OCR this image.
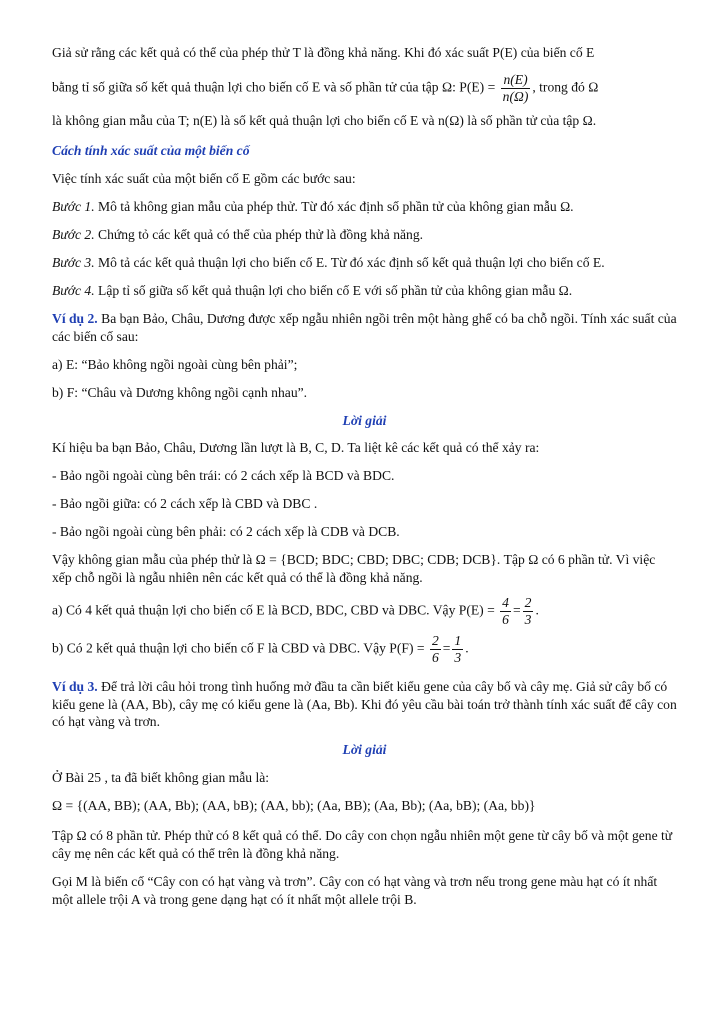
Giả sử rằng các kết quả có thể của phép thử T là đồng khả năng. Khi đó xác suất P(E) của biến cố E

bằng tỉ số giữa số kết quả thuận lợi cho biến cố E và số phần tử của tập Ω: $P(E) = \frac{n(E)}{n(\Omega)}$ , trong đó Ω

là không gian mẫu của T; n(E) là số kết quả thuận lợi cho biến cố E và n(Ω) là số phần tử của tập Ω.

Cách tính xác suất của một biến cố

Việc tính xác suất của một biến cố E gồm các bước sau:

Bước 1. Mô tả không gian mẫu của phép thử. Từ đó xác định số phần tử của không gian mẫu Ω.

Bước 2. Chứng tỏ các kết quả có thể của phép thử là đồng khả năng.

Bước 3. Mô tả các kết quả thuận lợi cho biến cố E. Từ đó xác định số kết quả thuận lợi cho biến cố E.

Bước 4. Lập tỉ số giữa số kết quả thuận lợi cho biến cố E với số phần tử của không gian mẫu Ω.

Ví dụ 2. Ba bạn Bảo, Châu, Dương được xếp ngẫu nhiên ngồi trên một hàng ghế có ba chỗ ngồi. Tính xác suất của các biến cố sau:

a) E: “Bảo không ngồi ngoài cùng bên phải”;

b) F: “Châu và Dương không ngồi cạnh nhau”.

Lời giải

Kí hiệu ba bạn Bảo, Châu, Dương lần lượt là B, C, D. Ta liệt kê các kết quả có thể xảy ra:

- Bảo ngồi ngoài cùng bên trái: có 2 cách xếp là BCD và BDC.

- Bảo ngồi giữa: có 2 cách xếp là CBD và DBC .

- Bảo ngồi ngoài cùng bên phải: có 2 cách xếp là CDB và DCB.

Vậy không gian mẫu của phép thử là Ω = {BCD; BDC; CBD; DBC; CDB; DCB}. Tập Ω có 6 phần tử. Vì việc xếp chỗ ngồi là ngẫu nhiên nên các kết quả có thể là đồng khả năng.

a) Có 4 kết quả thuận lợi cho biến cố E là BCD, BDC, CBD và DBC. Vậy $P(E) = \frac{4}{6} = \frac{2}{3}$ .

b) Có 2 kết quả thuận lợi cho biến cố F là CBD và DBC. Vậy $P(F) = \frac{2}{6} = \frac{1}{3}$ .

Ví dụ 3. Để trả lời câu hỏi trong tình huống mở đầu ta cần biết kiểu gene của cây bố và cây mẹ. Giả sử cây bố có kiểu gene là (AA, Bb), cây mẹ có kiểu gene là (Aa, Bb). Khi đó yêu cầu bài toán trở thành tính xác suất để cây con có hạt vàng và trơn.

Lời giải

Ở Bài 25 , ta đã biết không gian mẫu là:

Ω = {(AA, BB); (AA, Bb); (AA, bB); (AA, bb); (Aa, BB); (Aa, Bb); (Aa, bB); (Aa, bb)}

Tập Ω có 8 phần tử. Phép thử có 8 kết quả có thể. Do cây con chọn ngẫu nhiên một gene từ cây bố và một gene từ cây mẹ nên các kết quả có thể trên là đồng khả năng.

Gọi M là biến cố “Cây con có hạt vàng và trơn”. Cây con có hạt vàng và trơn nếu trong gene màu hạt có ít nhất một allele trội A và trong gene dạng hạt có ít nhất một allele trội B.
